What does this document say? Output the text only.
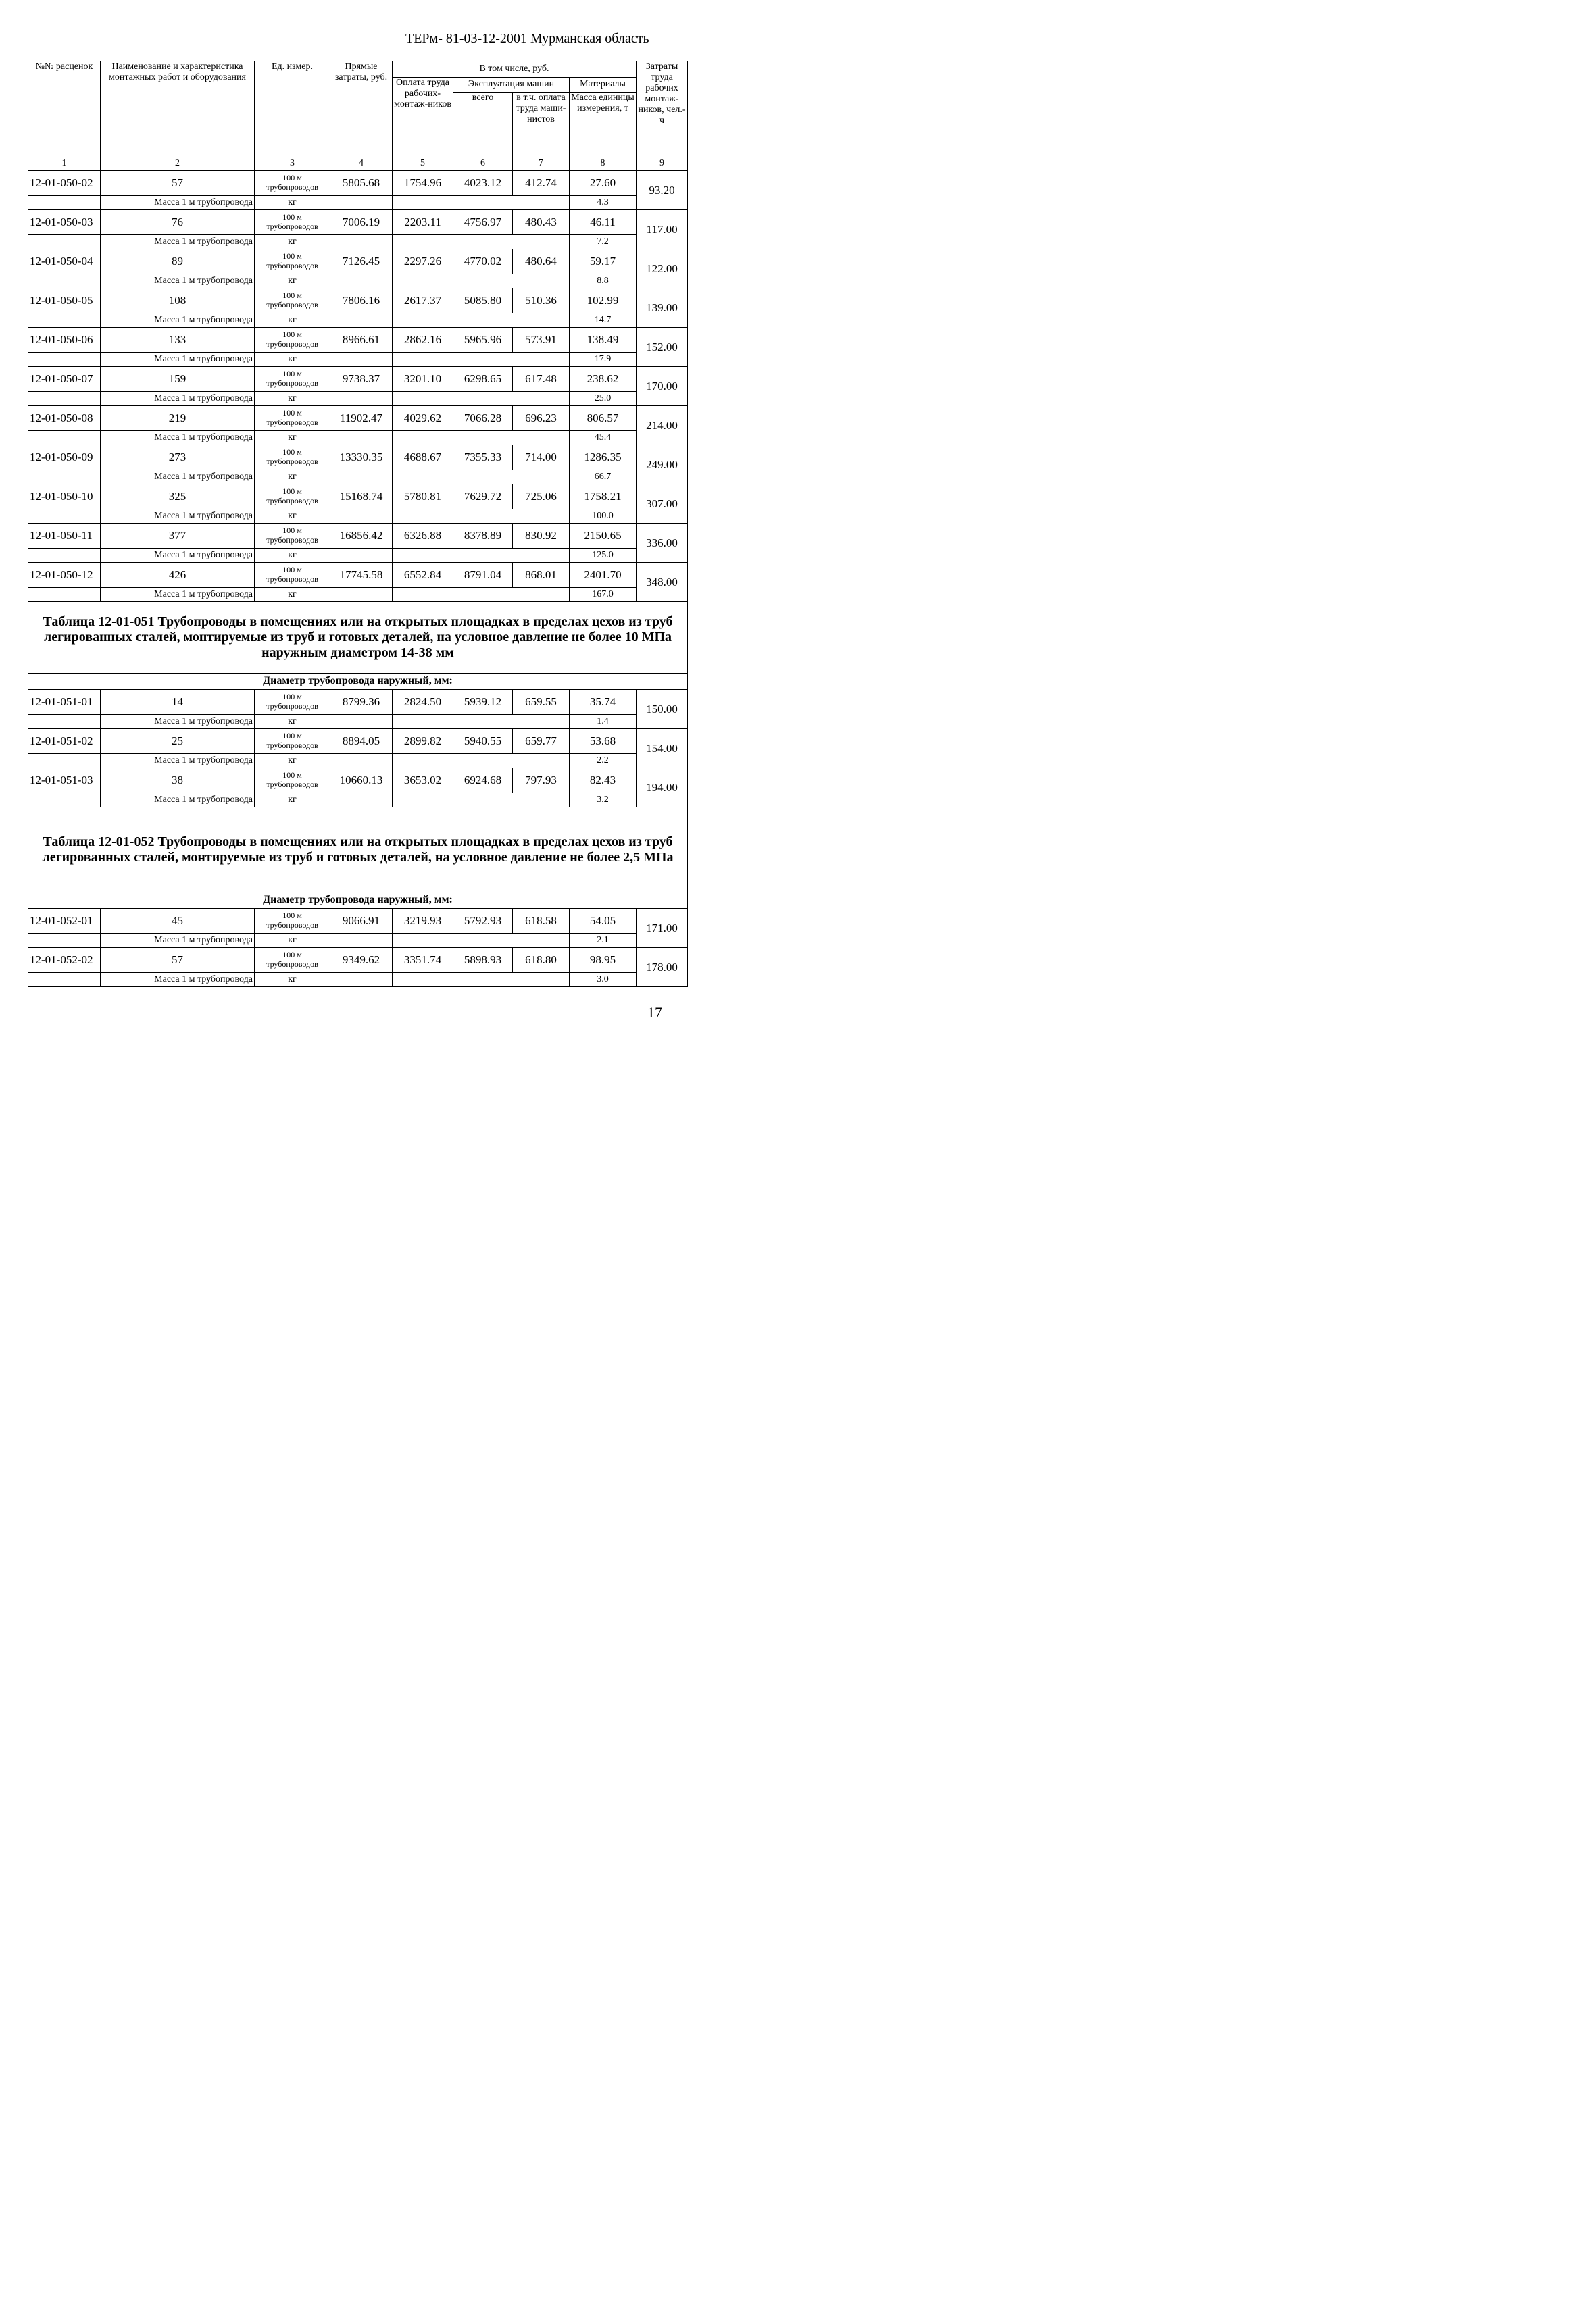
ТЕРм- 81-03-12-2001 Мурманская область
№№ расценок	Наименование и характеристика монтажных работ и оборудования	Ед. измер.	Прямые затраты, руб.	В том числе, руб.				Затраты труда рабочих монтаж-ников, чел.-ч
				Оплата труда рабочих-монтаж-ников	Эксплуатация машин		Материалы	
					всего	в т.ч. оплата труда маши-нистов	Масса единицы измерения, т	
1	2	3	4	5	6	7	8	9
12-01-050-02	57	100 м трубопроводов	5805.68	1754.96	4023.12	412.74	27.60	93.20
	Масса 1 м трубопровода	кг					4.3	
12-01-050-03	76	100 м трубопроводов	7006.19	2203.11	4756.97	480.43	46.11	117.00
	Масса 1 м трубопровода	кг					7.2	
12-01-050-04	89	100 м трубопроводов	7126.45	2297.26	4770.02	480.64	59.17	122.00
	Масса 1 м трубопровода	кг					8.8	
12-01-050-05	108	100 м трубопроводов	7806.16	2617.37	5085.80	510.36	102.99	139.00
	Масса 1 м трубопровода	кг					14.7	
12-01-050-06	133	100 м трубопроводов	8966.61	2862.16	5965.96	573.91	138.49	152.00
	Масса 1 м трубопровода	кг					17.9	
12-01-050-07	159	100 м трубопроводов	9738.37	3201.10	6298.65	617.48	238.62	170.00
	Масса 1 м трубопровода	кг					25.0	
12-01-050-08	219	100 м трубопроводов	11902.47	4029.62	7066.28	696.23	806.57	214.00
	Масса 1 м трубопровода	кг					45.4	
12-01-050-09	273	100 м трубопроводов	13330.35	4688.67	7355.33	714.00	1286.35	249.00
	Масса 1 м трубопровода	кг					66.7	
12-01-050-10	325	100 м трубопроводов	15168.74	5780.81	7629.72	725.06	1758.21	307.00
	Масса 1 м трубопровода	кг					100.0	
12-01-050-11	377	100 м трубопроводов	16856.42	6326.88	8378.89	830.92	2150.65	336.00
	Масса 1 м трубопровода	кг					125.0	
12-01-050-12	426	100 м трубопроводов	17745.58	6552.84	8791.04	868.01	2401.70	348.00
	Масса 1 м трубопровода	кг					167.0	
Таблица 12-01-051 Трубопроводы в помещениях или на открытых площадках в пределах цехов из труб легированных сталей, монтируемые из труб и готовых деталей, на условное давление не более 10 МПа наружным диаметром 14-38 мм								
Диаметр трубопровода наружный, мм:								
12-01-051-01	14	100 м трубопроводов	8799.36	2824.50	5939.12	659.55	35.74	150.00
	Масса 1 м трубопровода	кг					1.4	
12-01-051-02	25	100 м трубопроводов	8894.05	2899.82	5940.55	659.77	53.68	154.00
	Масса 1 м трубопровода	кг					2.2	
12-01-051-03	38	100 м трубопроводов	10660.13	3653.02	6924.68	797.93	82.43	194.00
	Масса 1 м трубопровода	кг					3.2	
Таблица 12-01-052 Трубопроводы в помещениях или на открытых площадках в пределах цехов из труб легированных сталей, монтируемые из труб и готовых деталей, на условное давление не более 2,5 МПа								
Диаметр трубопровода наружный, мм:								
12-01-052-01	45	100 м трубопроводов	9066.91	3219.93	5792.93	618.58	54.05	171.00
	Масса 1 м трубопровода	кг					2.1	
12-01-052-02	57	100 м трубопроводов	9349.62	3351.74	5898.93	618.80	98.95	178.00
	Масса 1 м трубопровода	кг					3.0	
17
